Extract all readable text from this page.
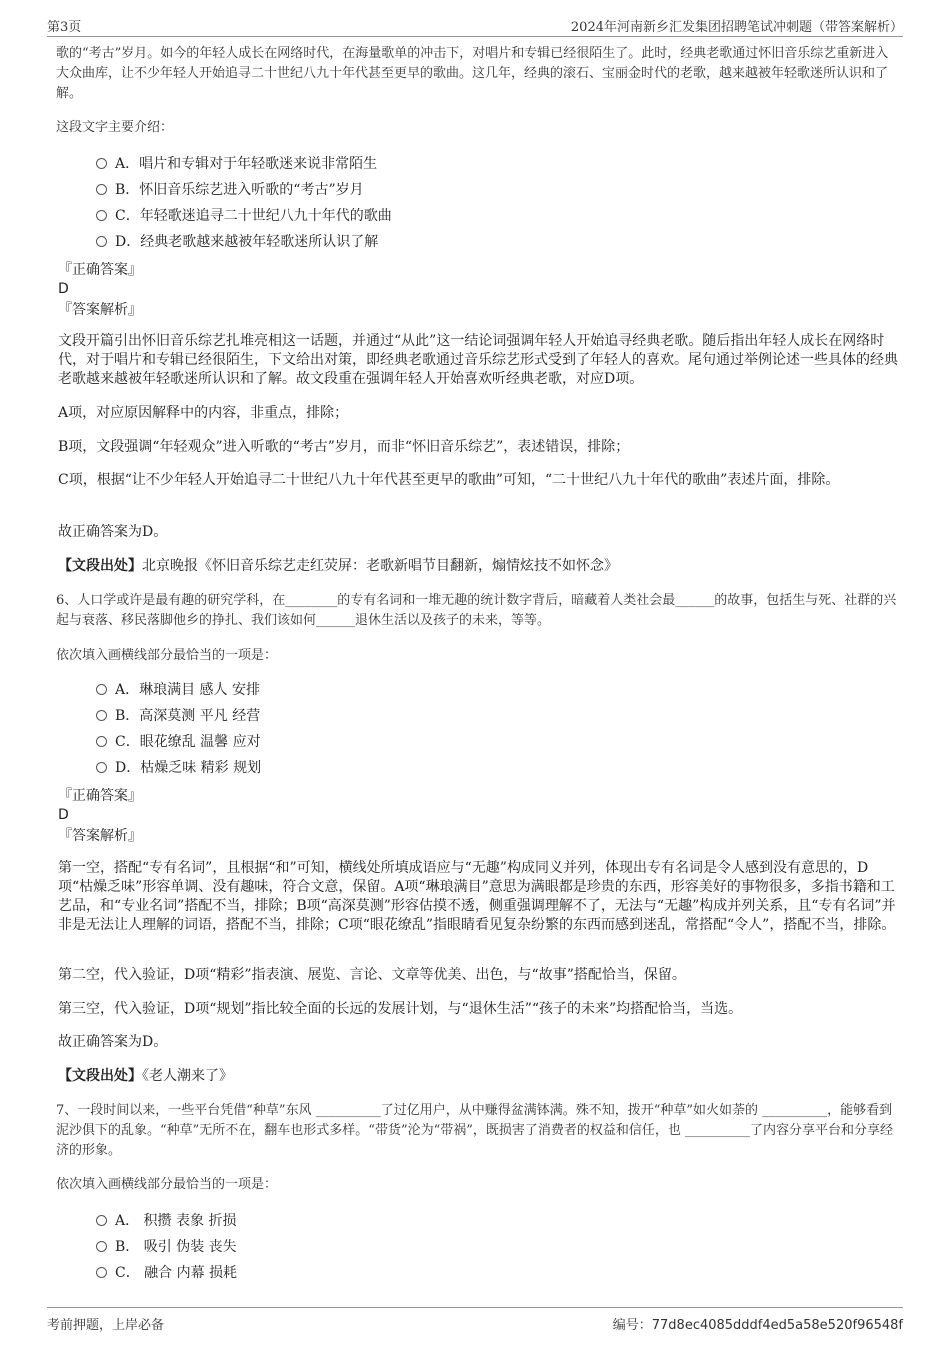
第3页	2024年河南新乡汇发集团招聘笔试冲刺题（带答案解析）

歌的“考古”岁月。如今的年轻人成长在网络时代，在海量歌单的冲击下，对唱片和专辑已经很陌生了。此时，经典老歌通过怀旧音乐综艺重新进入大众曲库，让不少年轻人开始追寻二十世纪八九十年代甚至更早的歌曲。这几年，经典的滚石、宝丽金时代的老歌，越来越被年轻歌迷所认识和了解。

这段文字主要介绍：
A．唱片和专辑对于年轻歌迷来说非常陌生
B．怀旧音乐综艺进入听歌的“考古”岁月
C．年轻歌迷追寻二十世纪八九十年代的歌曲
D．经典老歌越来越被年轻歌迷所认识了解
『正确答案』
D
『答案解析』

文段开篇引出怀旧音乐综艺扎堆亮相这一话题，并通过“从此”这一结论词强调年轻人开始追寻经典老歌。随后指出年轻人成长在网络时代，对于唱片和专辑已经很陌生，下文给出对策，即经典老歌通过音乐综艺形式受到了年轻人的喜欢。尾句通过举例论述一些具体的经典老歌越来越被年轻歌迷所认识和了解。故文段重在强调年轻人开始喜欢听经典老歌，对应D项。

A项，对应原因解释中的内容，非重点，排除；

B项，文段强调“年轻观众”进入听歌的“考古”岁月，而非“怀旧音乐综艺”，表述错误，排除；

C项，根据“让不少年轻人开始追寻二十世纪八九十年代甚至更早的歌曲”可知，“二十世纪八九十年代的歌曲”表述片面，排除。

故正确答案为D。

【文段出处】北京晚报《怀旧音乐综艺走红荧屏：老歌新唱节目翻新，煽情炫技不如怀念》

6、人口学或许是最有趣的研究学科，在________的专有名词和一堆无趣的统计数字背后，暗藏着人类社会最______的故事，包括生与死、社群的兴起与衰落、移民落脚他乡的挣扎、我们该如何______退休生活以及孩子的未来，等等。

依次填入画横线部分最恰当的一项是：
A．琳琅满目 感人 安排
B．高深莫测 平凡 经营
C．眼花缭乱 温馨 应对
D．枯燥乏味 精彩 规划
『正确答案』
D
『答案解析』

第一空，搭配“专有名词”，且根据“和”可知，横线处所填成语应与“无趣”构成同义并列，体现出专有名词是令人感到没有意思的，D项“枯燥乏味”形容单调、没有趣味，符合文意，保留。A项“琳琅满目”意思为满眼都是珍贵的东西，形容美好的事物很多，多指书籍和工艺品，和“专业名词”搭配不当，排除；B项“高深莫测”形容估摸不透，侧重强调理解不了，无法与“无趣”构成并列关系，且“专有名词”并非是无法让人理解的词语，搭配不当，排除；C项“眼花缭乱”指眼睛看见复杂纷繁的东西而感到迷乱，常搭配“令人”，搭配不当，排除。

第二空，代入验证，D项“精彩”指表演、展览、言论、文章等优美、出色，与“故事”搭配恰当，保留。

第三空，代入验证，D项“规划”指比较全面的长远的发展计划，与“退休生活”“孩子的未来”均搭配恰当，当选。

故正确答案为D。

【文段出处】《老人潮来了》

7、一段时间以来，一些平台凭借“种草”东风 __________了过亿用户，从中赚得盆满钵满。殊不知，拨开“种草”如火如荼的 __________，能够看到泥沙俱下的乱象。“种草”无所不在，翻车也形式多样。“带货”沦为“带祸”，既损害了消费者的权益和信任，也 __________了内容分享平台和分享经济的形象。

依次填入画横线部分最恰当的一项是：
A． 积攒 表象 折损
B． 吸引 伪装 丧失
C． 融合 内幕 损耗
考前押题，上岸必备	编号：77d8ec4085dddf4ed5a58e520f96548f
